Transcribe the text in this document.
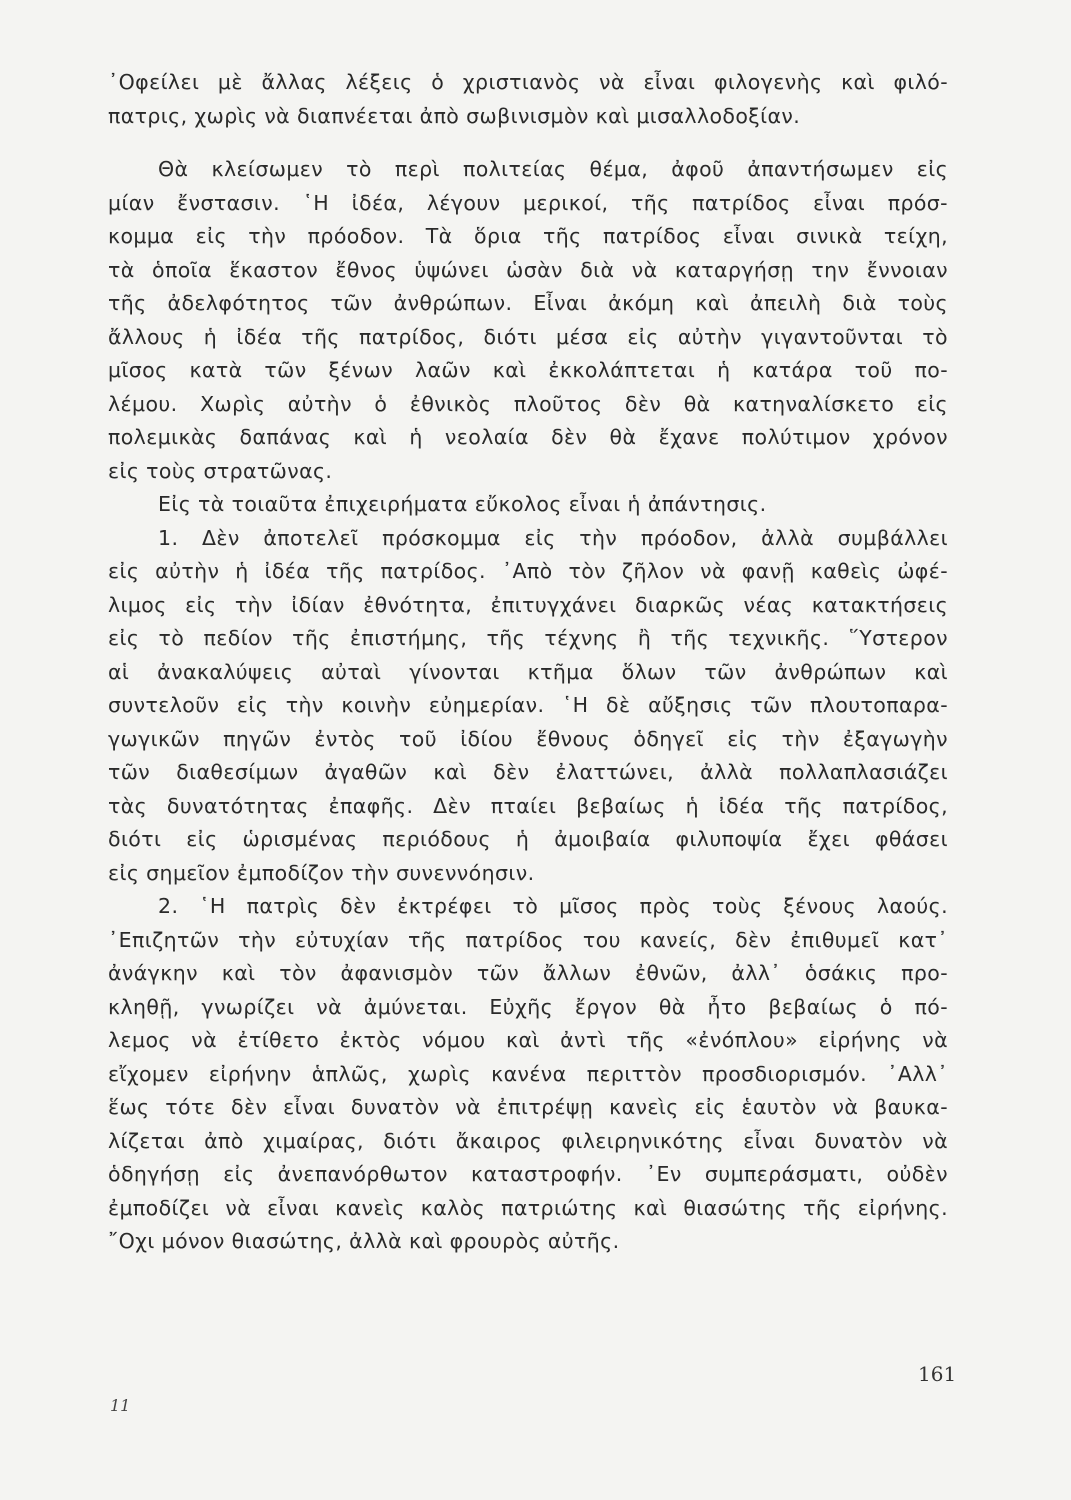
᾿Οφείλει μὲ ἄλλας λέξεις ὁ χριστιανὸς νὰ εἶναι φιλογενὴς καὶ φιλό-
πατρις, χωρὶς νὰ διαπνέεται ἀπὸ σωβινισμὸν καὶ μισαλλοδοξίαν.
Θὰ κλείσωμεν τὸ περὶ πολιτείας θέμα, ἀφοῦ ἀπαντήσωμεν εἰς
μίαν ἔνστασιν. ῾Η ἰδέα, λέγουν μερικοί, τῆς πατρίδος εἶναι πρόσ-
κομμα εἰς τὴν πρόοδον. Τὰ ὅρια τῆς πατρίδος εἶναι σινικὰ τείχη,
τὰ ὁποῖα ἕκαστον ἔθνος ὑψώνει ὡσὰν διὰ νὰ καταργήσῃ την ἔννοιαν
τῆς ἀδελφότητος τῶν ἀνθρώπων. Εἶναι ἀκόμη καὶ ἀπειλὴ διὰ τοὺς
ἄλλους ἡ ἰδέα τῆς πατρίδος, διότι μέσα εἰς αὐτὴν γιγαντοῦνται τὸ
μῖσος κατὰ τῶν ξένων λαῶν καὶ ἐκκολάπτεται ἡ κατάρα τοῦ πο-
λέμου. Χωρὶς αὐτὴν ὁ ἐθνικὸς πλοῦτος δὲν θὰ κατηναλίσκετο εἰς
πολεμικὰς δαπάνας καὶ ἡ νεολαία δὲν θὰ ἔχανε πολύτιμον χρόνον
εἰς τοὺς στρατῶνας.
Εἰς τὰ τοιαῦτα ἐπιχειρήματα εὔκολος εἶναι ἡ ἀπάντησις.
1. Δὲν ἀποτελεῖ πρόσκομμα εἰς τὴν πρόοδον, ἀλλὰ συμβάλλει
εἰς αὐτὴν ἡ ἰδέα τῆς πατρίδος. ᾿Απὸ τὸν ζῆλον νὰ φανῇ καθεὶς ὠφέ-
λιμος εἰς τὴν ἰδίαν ἐθνότητα, ἐπιτυγχάνει διαρκῶς νέας κατακτήσεις
εἰς τὸ πεδίον τῆς ἐπιστήμης, τῆς τέχνης ἢ τῆς τεχνικῆς. ῞Υστερον
αἱ ἀνακαλύψεις αὐταὶ γίνονται κτῆμα ὅλων τῶν ἀνθρώπων καὶ
συντελοῦν εἰς τὴν κοινὴν εὐημερίαν. ῾Η δὲ αὔξησις τῶν πλουτοπαρα-
γωγικῶν πηγῶν ἐντὸς τοῦ ἰδίου ἔθνους ὁδηγεῖ εἰς τὴν ἐξαγωγὴν
τῶν διαθεσίμων ἀγαθῶν καὶ δὲν ἐλαττώνει, ἀλλὰ πολλαπλασιάζει
τὰς δυνατότητας ἐπαφῆς. Δὲν πταίει βεβαίως ἡ ἰδέα τῆς πατρίδος,
διότι εἰς ὡρισμένας περιόδους ἡ ἀμοιβαία φιλυποψία ἔχει φθάσει
εἰς σημεῖον ἐμποδίζον τὴν συνεννόησιν.
2. ῾Η πατρὶς δὲν ἐκτρέφει τὸ μῖσος πρὸς τοὺς ξένους λαούς.
᾿Επιζητῶν τὴν εὐτυχίαν τῆς πατρίδος του κανείς, δὲν ἐπιθυμεῖ κατ᾿
ἀνάγκην καὶ τὸν ἀφανισμὸν τῶν ἄλλων ἐθνῶν, ἀλλ᾿ ὁσάκις προ-
κληθῇ, γνωρίζει νὰ ἀμύνεται. Εὐχῆς ἔργον θὰ ἦτο βεβαίως ὁ πό-
λεμος νὰ ἐτίθετο ἐκτὸς νόμου καὶ ἀντὶ τῆς «ἐνόπλου» εἰρήνης νὰ
εἴχομεν εἰρήνην ἁπλῶς, χωρὶς κανένα περιττὸν προσδιορισμόν. ᾿Αλλ᾿
ἕως τότε δὲν εἶναι δυνατὸν νὰ ἐπιτρέψῃ κανεὶς εἰς ἑαυτὸν νὰ βαυκα-
λίζεται ἀπὸ χιμαίρας, διότι ἄκαιρος φιλειρηνικότης εἶναι δυνατὸν νὰ
ὁδηγήσῃ εἰς ἀνεπανόρθωτον καταστροφήν. ᾿Εν συμπεράσματι, οὐδὲν
ἐμποδίζει νὰ εἶναι κανεὶς καλὸς πατριώτης καὶ θιασώτης τῆς εἰρήνης.
῎Οχι μόνον θιασώτης, ἀλλὰ καὶ φρουρὸς αὐτῆς.
161
11
